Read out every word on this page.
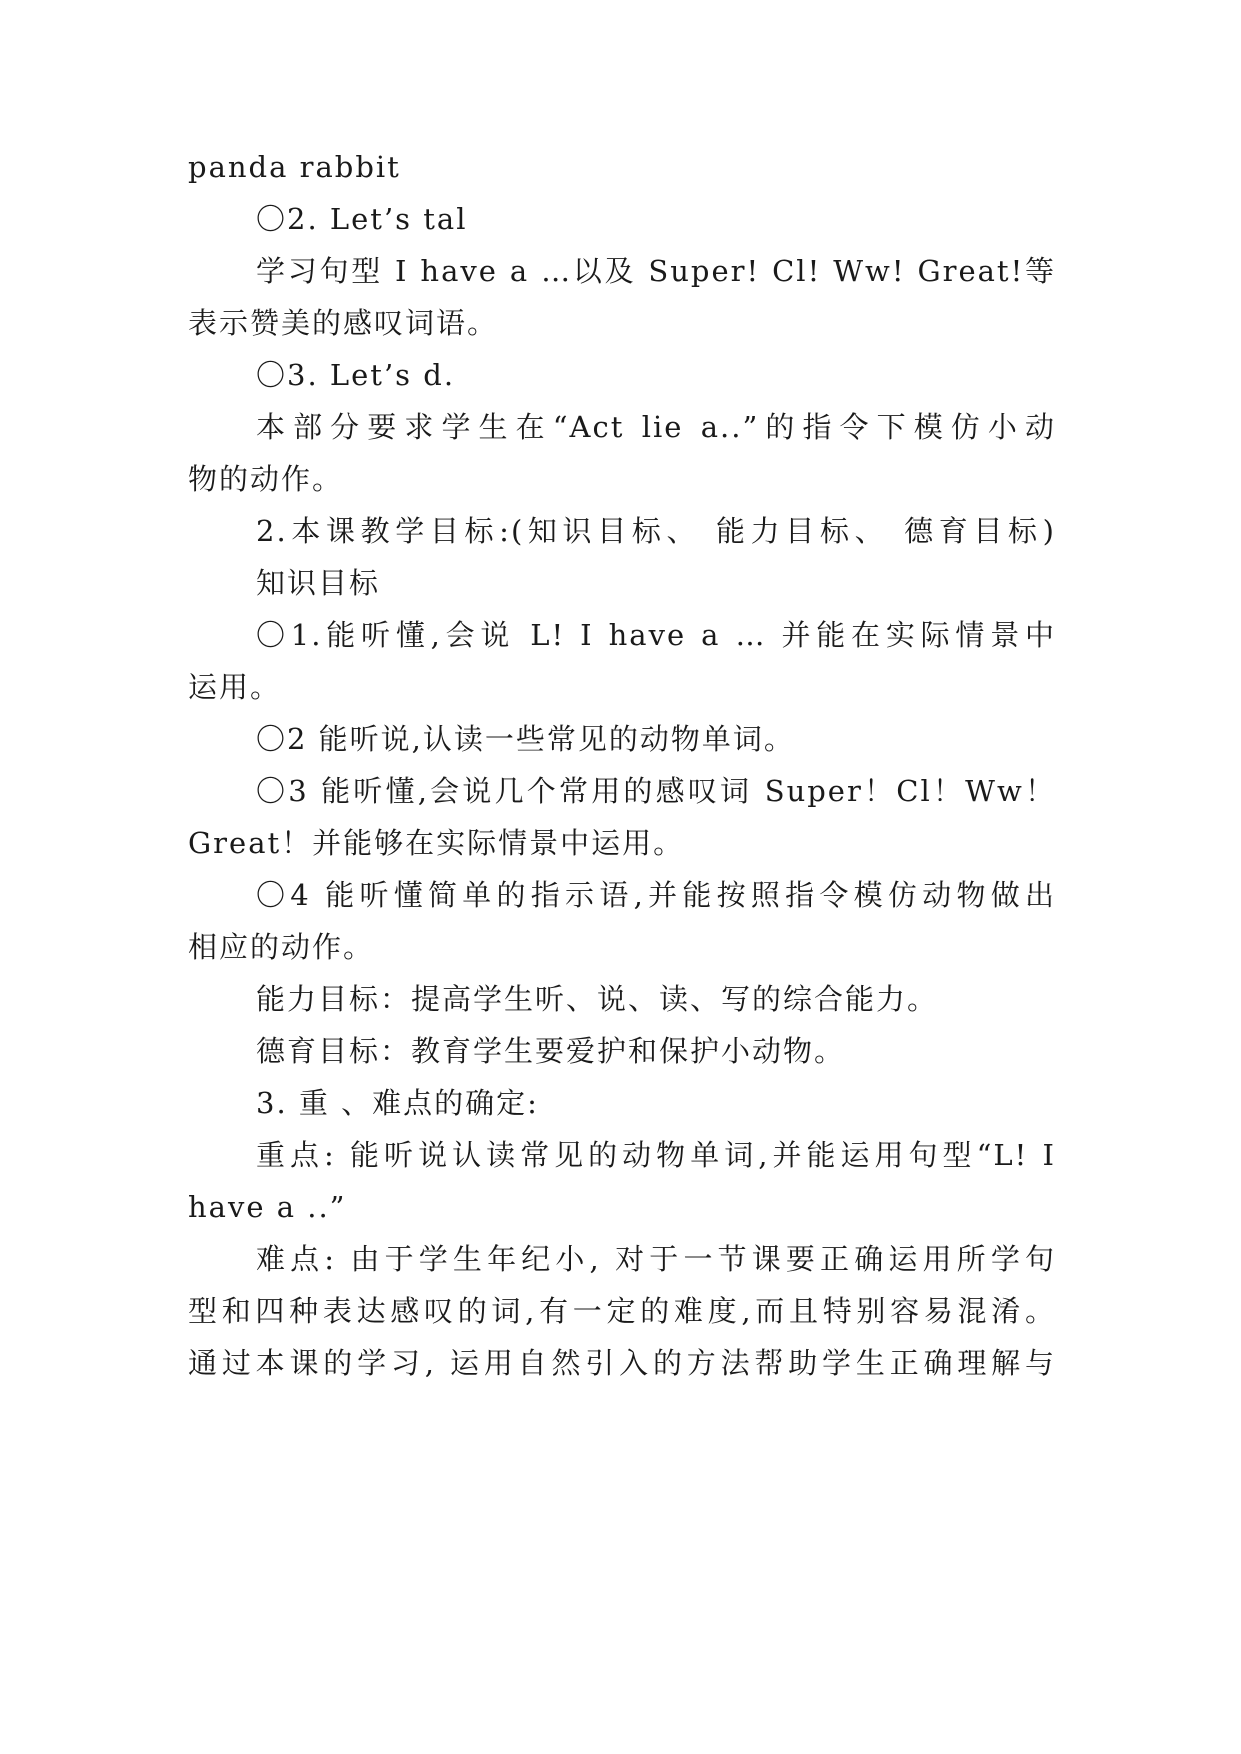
panda rabbit
〇2. Let’s tal
学习句型 I have a …以及 Super! Cl! Ww! Great!等
表示赞美的感叹词语。
〇3. Let’s d.
本部分要求学生在“Act lie a..”的指令下模仿小动
物的动作。
2.本课教学目标:(知识目标、 能力目标、 德育目标)
知识目标
〇1.能听懂,会说 L! I have a … 并能在实际情景中
运用。
〇2 能听说,认读一些常见的动物单词。
〇3 能听懂,会说几个常用的感叹词 Super！Cl！Ww！
Great！并能够在实际情景中运用。
〇4 能听懂简单的指示语,并能按照指令模仿动物做出
相应的动作。
能力目标：提高学生听、说、读、写的综合能力。
德育目标：教育学生要爱护和保护小动物。
3. 重 、难点的确定:
重点: 能听说认读常见的动物单词,并能运用句型“L! I
have a ..”
难点: 由于学生年纪小, 对于一节课要正确运用所学句
型和四种表达感叹的词,有一定的难度,而且特别容易混淆。
通过本课的学习, 运用自然引入的方法帮助学生正确理解与
